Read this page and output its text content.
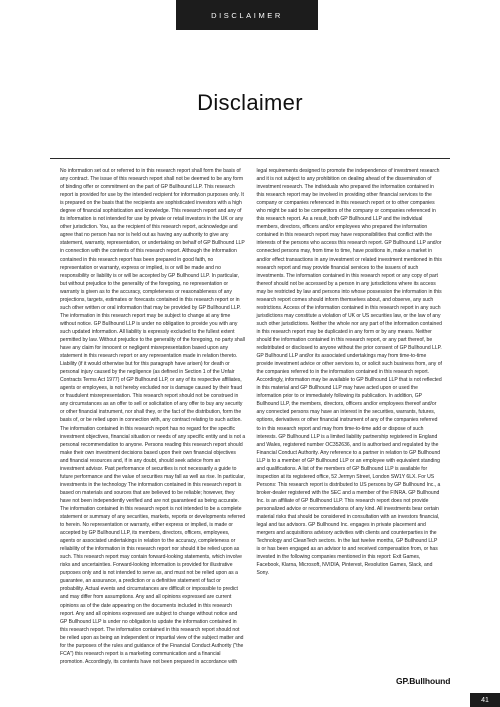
DISCLAIMER
Disclaimer

No information set out or referred to in this research report shall form the basis of any contract. The issue of this research report shall not be deemed to be any form of binding offer or commitment on the part of GP Bullhound LLP. This research report is provided for use by the intended recipient for information purposes only. It is prepared on the basis that the recipients are sophisticated investors with a high degree of financial sophistication and knowledge. This research report and any of its information is not intended for use by private or retail investors in the UK or any other jurisdiction. You, as the recipient of this research report, acknowledge and agree that no person has nor is held out as having any authority to give any statement, warranty, representation, or undertaking on behalf of GP Bullhound LLP in connection with the contents of this research report. Although the information contained in this research report has been prepared in good faith, no representation or warranty, express or implied, is or will be made and no responsibility or liability is or will be accepted by GP Bullhound LLP. In particular, but without prejudice to the generality of the foregoing, no representation or warranty is given as to the accuracy, completeness or reasonableness of any projections, targets, estimates or forecasts contained in this research report or in such other written or oral information that may be provided by GP Bullhound LLP. The information in this research report may be subject to change at any time without notice. GP Bullhound LLP is under no obligation to provide you with any such updated information. All liability is expressly excluded to the fullest extent permitted by law. Without prejudice to the generality of the foregoing, no party shall have any claim for innocent or negligent misrepresentation based upon any statement in this research report or any representation made in relation thereto. Liability (if it would otherwise but for this paragraph have arisen) for death or personal injury caused by the negligence (as defined in Section 1 of the Unfair Contracts Terms Act 1977) of GP Bullhound LLP, or any of its respective affiliates, agents or employees, is not hereby excluded nor is damage caused by their fraud or fraudulent misrepresentation. This research report should not be construed in any circumstances as an offer to sell or solicitation of any offer to buy any security or other financial instrument, nor shall they, or the fact of the distribution, form the basis of, or be relied upon in connection with, any contract relating to such action. The information contained in this research report has no regard for the specific investment objectives, financial situation or needs of any specific entity and is not a personal recommendation to anyone. Persons reading this research report should make their own investment decisions based upon their own financial objectives and financial resources and, if in any doubt, should seek advice from an investment advisor. Past performance of securities is not necessarily a guide to future performance and the value of securities may fall as well as rise. In particular, investments in the technology The information contained in this research report is based on materials and sources that are believed to be reliable; however, they have not been independently verified and are not guaranteed as being accurate. The information contained in this research report is not intended to be a complete statement or summary of any securities, markets, reports or developments referred to herein. No representation or warranty, either express or implied, is made or accepted by GP Bullhound LLP, its members, directors, officers, employees, agents or associated undertakings in relation to the accuracy, completeness or reliability of the information in this research report nor should it be relied upon as such. This research report may contain forward-looking statements, which involve risks and uncertainties. Forward-looking information is provided for illustrative purposes only and is not intended to serve as, and must not be relied upon as a guarantee, an assurance, a prediction or a definitive statement of fact or probability. Actual events and circumstances are difficult or impossible to predict and may differ from assumptions. Any and all opinions expressed are current opinions as of the date appearing on the documents included in this research report. Any and all opinions expressed are subject to change without notice and GP Bullhound LLP is under no obligation to update the information contained in this research report. The information contained in this research report should not be relied upon as being an independent or impartial view of the subject matter and for the purposes of the rules and guidance of the Financial Conduct Authority ("the FCA") this research report is a marketing communication and a financial promotion. Accordingly, its contents have not been prepared in accordance with legal requirements designed to promote the independence of investment research and it is not subject to any prohibition on dealing ahead of the dissemination of investment research. The individuals who prepared the information contained in this research report may be involved in providing other financial services to the company or companies referenced in this research report or to other companies who might be said to be competitors of the company or companies referenced in this research report. As a result, both GP Bullhound LLP and the individual members, directors, officers and/or employees who prepared the information contained in this research report may have responsibilities that conflict with the interests of the persons who access this research report. GP Bullhound LLP and/or connected persons may, from time to time, have positions in, make a market in and/or effect transactions in any investment or related investment mentioned in this research report and may provide financial services to the issuers of such investments. The information contained in this research report or any copy of part thereof should not be accessed by a person in any jurisdictions where its access may be restricted by law and persons into whose possession the information in this research report comes should inform themselves about, and observe, any such restrictions. Access of the information contained in this research report in any such jurisdictions may constitute a violation of UK or US securities law, or the law of any such other jurisdictions. Neither the whole nor any part of the information contained in this research report may be duplicated in any form or by any means. Neither should the information contained in this research report, or any part thereof, be redistributed or disclosed to anyone without the prior consent of GP Bullhound LLP. GP Bullhound LLP and/or its associated undertakings may from time-to-time provide investment advice or other services to, or solicit such business from, any of the companies referred to in the information contained in this research report. Accordingly, information may be available to GP Bullhound LLP that is not reflected in this material and GP Bullhound LLP may have acted upon or used the information prior to or immediately following its publication. In addition, GP Bullhound LLP, the members, directors, officers and/or employees thereof and/or any connected persons may have an interest in the securities, warrants, futures, options, derivatives or other financial instrument of any of the companies referred to in this research report and may from time-to-time add or dispose of such interests. GP Bullhound LLP is a limited liability partnership registered in England and Wales, registered number OC352636, and is authorised and regulated by the Financial Conduct Authority. Any reference to a partner in relation to GP Bullhound LLP is to a member of GP Bullhound LLP or an employee with equivalent standing and qualifications. A list of the members of GP Bullhound LLP is available for inspection at its registered office, 52 Jermyn Street, London SW1Y 6LX. For US Persons: This research report is distributed to US persons by GP Bullhound Inc., a broker-dealer registered with the SEC and a member of the FINRA. GP Bullhound Inc. is an affiliate of GP Bullhound LLP. This research report does not provide personalized advice or recommendations of any kind. All investments bear certain material risks that should be considered in consultation with an investors financial, legal and tax advisors. GP Bullhound Inc. engages in private placement and mergers and acquisitions advisory activities with clients and counterparties in the Technology and CleanTech sectors. In the last twelve months, GP Bullhound LLP is or has been engaged as an advisor to and received compensation from, or has invested in the following companies mentioned in this report: Exit Games, Facebook, Klarna, Microsoft, NVIDIA, Pinterest, Resolution Games, Slack, and Sony.

GP.Bullhound
41
